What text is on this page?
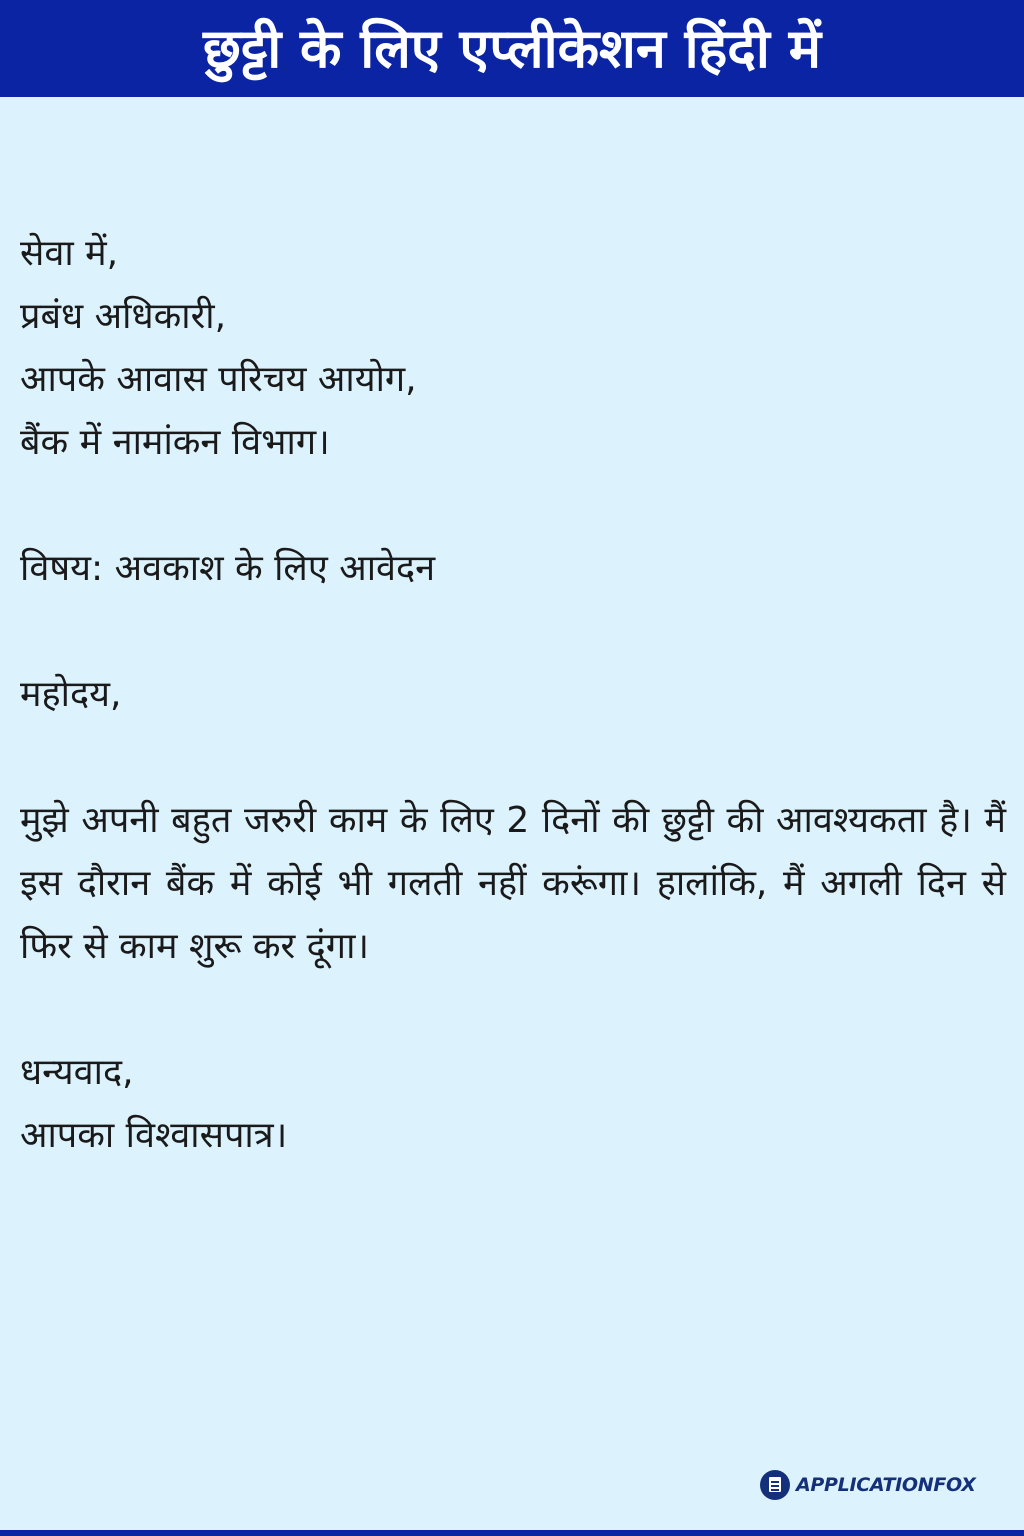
छुट्टी के लिए एप्लीकेशन हिंदी में

सेवा में,

प्रबंध अधिकारी,

आपके आवास परिचय आयोग,

बैंक में नामांकन विभाग।

विषय: अवकाश के लिए आवेदन

महोदय,

मुझे अपनी बहुत जरुरी काम के लिए 2 दिनों की छुट्टी की आवश्यकता है। मैं इस दौरान बैंक में कोई भी गलती नहीं करूंगा। हालांकि, मैं अगली दिन से फिर से काम शुरू कर दूंगा।

धन्यवाद,

आपका विश्वासपात्र।

APPLICATIONFOX
